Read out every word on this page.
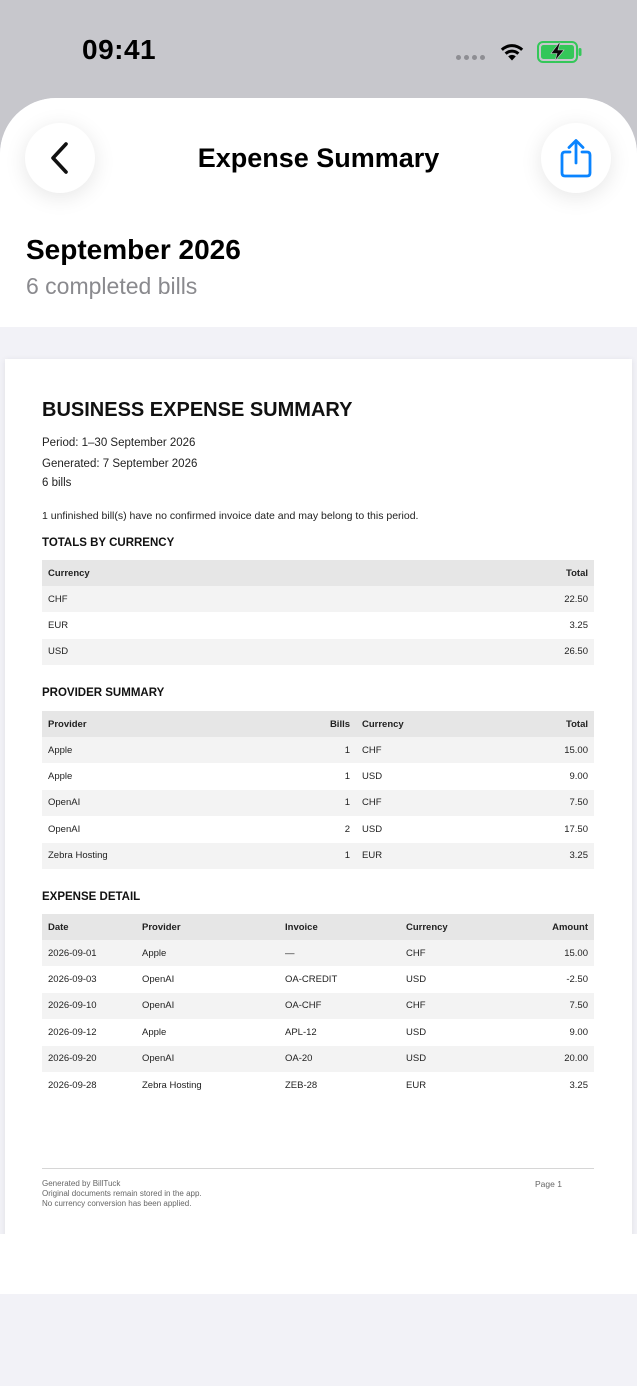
09:41
Expense Summary
September 2026
6 completed bills
BUSINESS EXPENSE SUMMARY
Period: 1–30 September 2026
Generated: 7 September 2026
6 bills
1 unfinished bill(s) have no confirmed invoice date and may belong to this period.
TOTALS BY CURRENCY
Currency	Total
CHF	22.50
EUR	3.25
USD	26.50
PROVIDER SUMMARY
Provider	Bills	Currency	Total
Apple	1	CHF	15.00
Apple	1	USD	9.00
OpenAI	1	CHF	7.50
OpenAI	2	USD	17.50
Zebra Hosting	1	EUR	3.25
EXPENSE DETAIL
Date	Provider	Invoice	Currency	Amount
2026-09-01	Apple	—	CHF	15.00
2026-09-03	OpenAI	OA-CREDIT	USD	-2.50
2026-09-10	OpenAI	OA-CHF	CHF	7.50
2026-09-12	Apple	APL-12	USD	9.00
2026-09-20	OpenAI	OA-20	USD	20.00
2026-09-28	Zebra Hosting	ZEB-28	EUR	3.25
Generated by BillTuck
Original documents remain stored in the app.
No currency conversion has been applied.
Page 1
